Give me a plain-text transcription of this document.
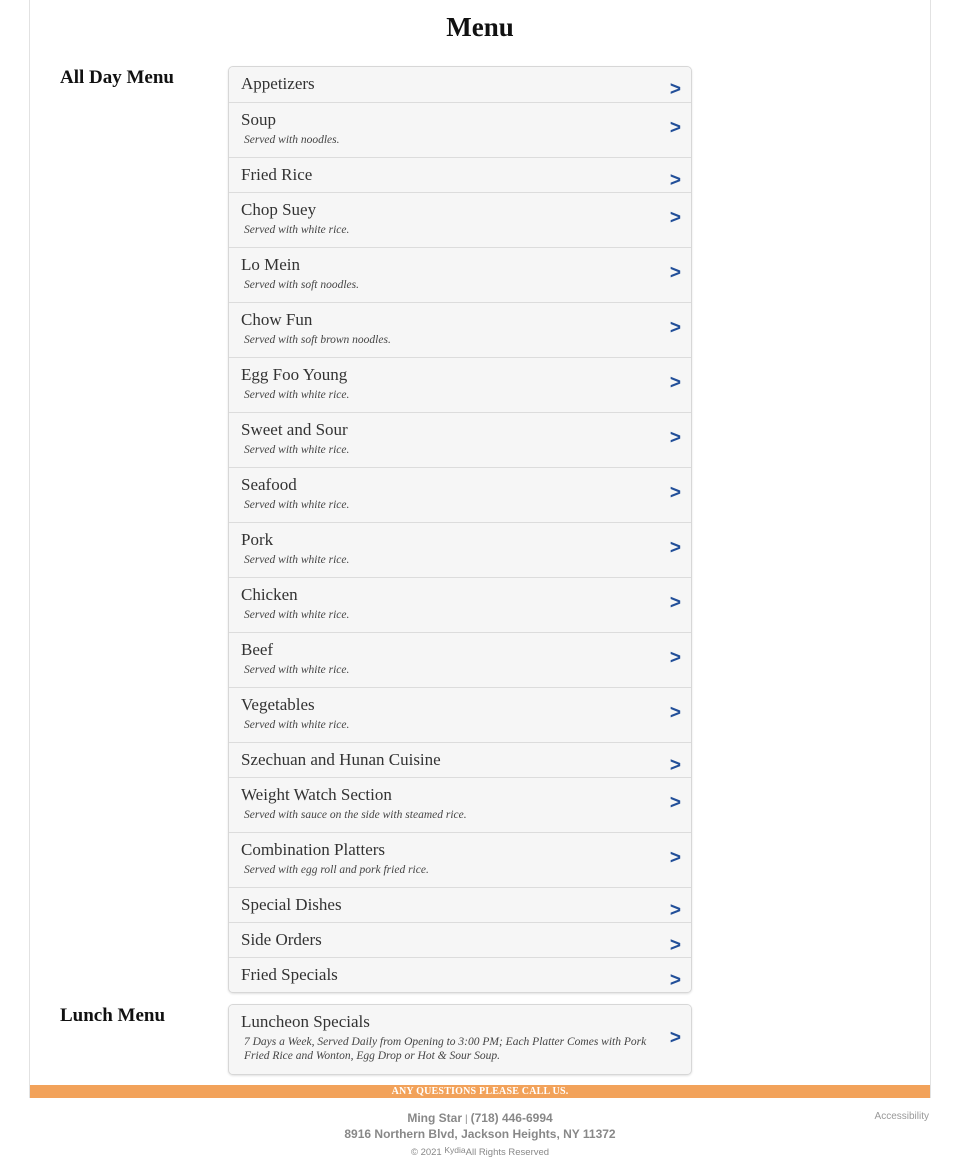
Menu
All Day Menu	Appetizers	>
Soup
Served with noodles.
>
Fried Rice	>
Chop Suey
Served with white rice.
>
Lo Mein
Served with soft noodles.
>
Chow Fun
Served with soft brown noodles.
>
Egg Foo Young
Served with white rice.
>
Sweet and Sour
Served with white rice.
>
Seafood
Served with white rice.
>
Pork
Served with white rice.
>
Chicken
Served with white rice.
>
Beef
Served with white rice.
>
Vegetables
Served with white rice.
>
Szechuan and Hunan Cuisine	>
Weight Watch Section
Served with sauce on the side with steamed rice.
>
Combination Platters
Served with egg roll and pork fried rice.
>
Special Dishes	>
Side Orders	>
Fried Specials	>
Lunch Menu	Luncheon Specials
7 Days a Week, Served Daily from Opening to 3:00 PM; Each Platter Comes with Pork Fried Rice and Wonton, Egg Drop or Hot & Sour Soup.
>
ANY QUESTIONS PLEASE CALL US.
Ming Star | (718) 446-6994
8916 Northern Blvd, Jackson Heights, NY 11372
© 2021 KydiaAll Rights Reserved
Accessibility
